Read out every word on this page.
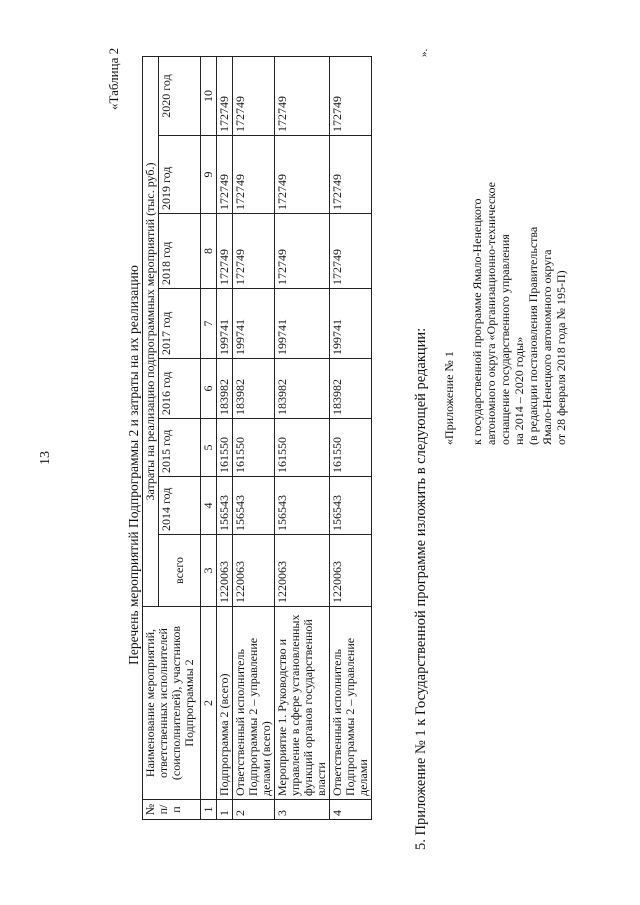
13
«Таблица 2
Перечень мероприятий Подпрограммы 2 и затраты на их реализацию
№ п/п	Наименование мероприятий, ответственных исполнителей (соисполнителей), участников Подпрограммы 2	Затраты на реализацию подпрограммных мероприятий (тыс. руб.)							
		всего	2014 год	2015 год	2016 год	2017 год	2018 год	2019 год	2020 год
1	2	3	4	5	6	7	8	9	10
1	Подпрограмма 2 (всего)	1220063	156543	161550	183982	199741	172749	172749	172749
2	Ответственный исполнитель Подпрограммы 2 – управление делами (всего)	1220063	156543	161550	183982	199741	172749	172749	172749
3	Мероприятие 1. Руководство и управление в сфере установленных функций органов государственной власти	1220063	156543	161550	183982	199741	172749	172749	172749
4	Ответственный исполнитель Подпрограммы 2 – управление делами	1220063	156543	161550	183982	199741	172749	172749	172749
».
5. Приложение № 1 к Государственной программе изложить в следующей редакции: «Приложение № 1 к государственной программе Ямало-Ненецкого автономного округа «Организационно-техническое оснащение государственного управления на 2014 – 2020 годы» (в редакции постановления Правительства Ямало-Ненецкого автономного округа от 28 февраля 2018 года № 195-П)
